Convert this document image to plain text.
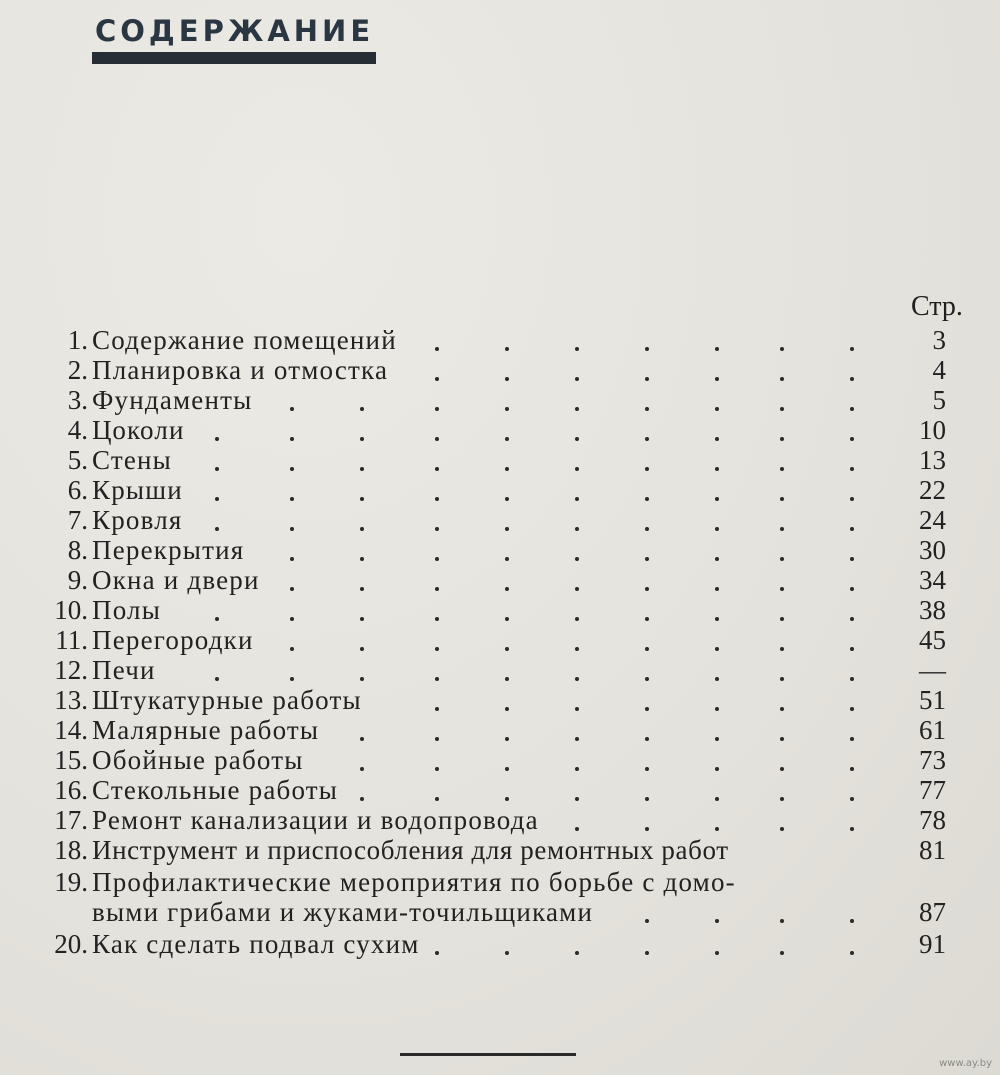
СОДЕРЖАНИЕ
Стр.
1. Содержание помещений	3
2. Планировка и отмостка	4
3. Фундаменты	5
4. Цоколи	10
5. Стены	13
6. Крыши	22
7. Кровля	24
8. Перекрытия	30
9. Окна и двери	34
10. Полы	38
11. Перегородки	45
12. Печи	—
13. Штукатурные работы	51
14. Малярные работы	61
15. Обойные работы	73
16. Стекольные работы	77
17. Ремонт канализации и водопровода	78
18. Инструмент и приспособления для ремонтных работ	81
19. Профилактические мероприятия по борьбе с домо-
выми грибами и жуками-точильщиками	87
20. Как сделать подвал сухим	91
www.ay.by
